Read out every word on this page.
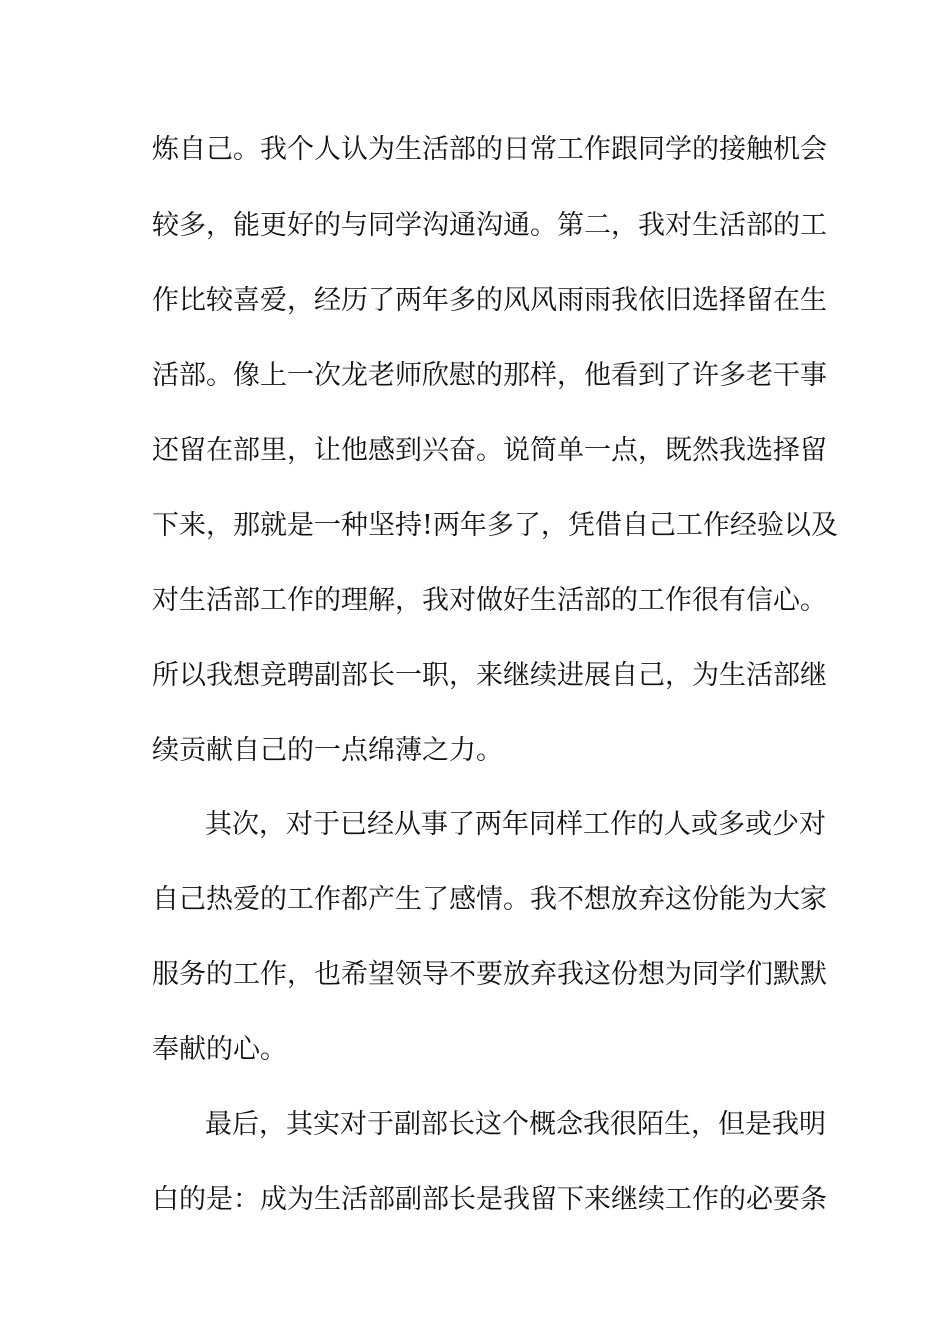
炼自己。我个人认为生活部的日常工作跟同学的接触机会
较多，能更好的与同学沟通沟通。第二，我对生活部的工
作比较喜爱，经历了两年多的风风雨雨我依旧选择留在生
活部。像上一次龙老师欣慰的那样，他看到了许多老干事
还留在部里，让他感到兴奋。说简单一点，既然我选择留
下来，那就是一种坚持!两年多了，凭借自己工作经验以及
对生活部工作的理解，我对做好生活部的工作很有信心。
所以我想竞聘副部长一职，来继续进展自己，为生活部继
续贡献自己的一点绵薄之力。
其次，对于已经从事了两年同样工作的人或多或少对
自己热爱的工作都产生了感情。我不想放弃这份能为大家
服务的工作，也希望领导不要放弃我这份想为同学们默默
奉献的心。
最后，其实对于副部长这个概念我很陌生，但是我明
白的是：成为生活部副部长是我留下来继续工作的必要条
